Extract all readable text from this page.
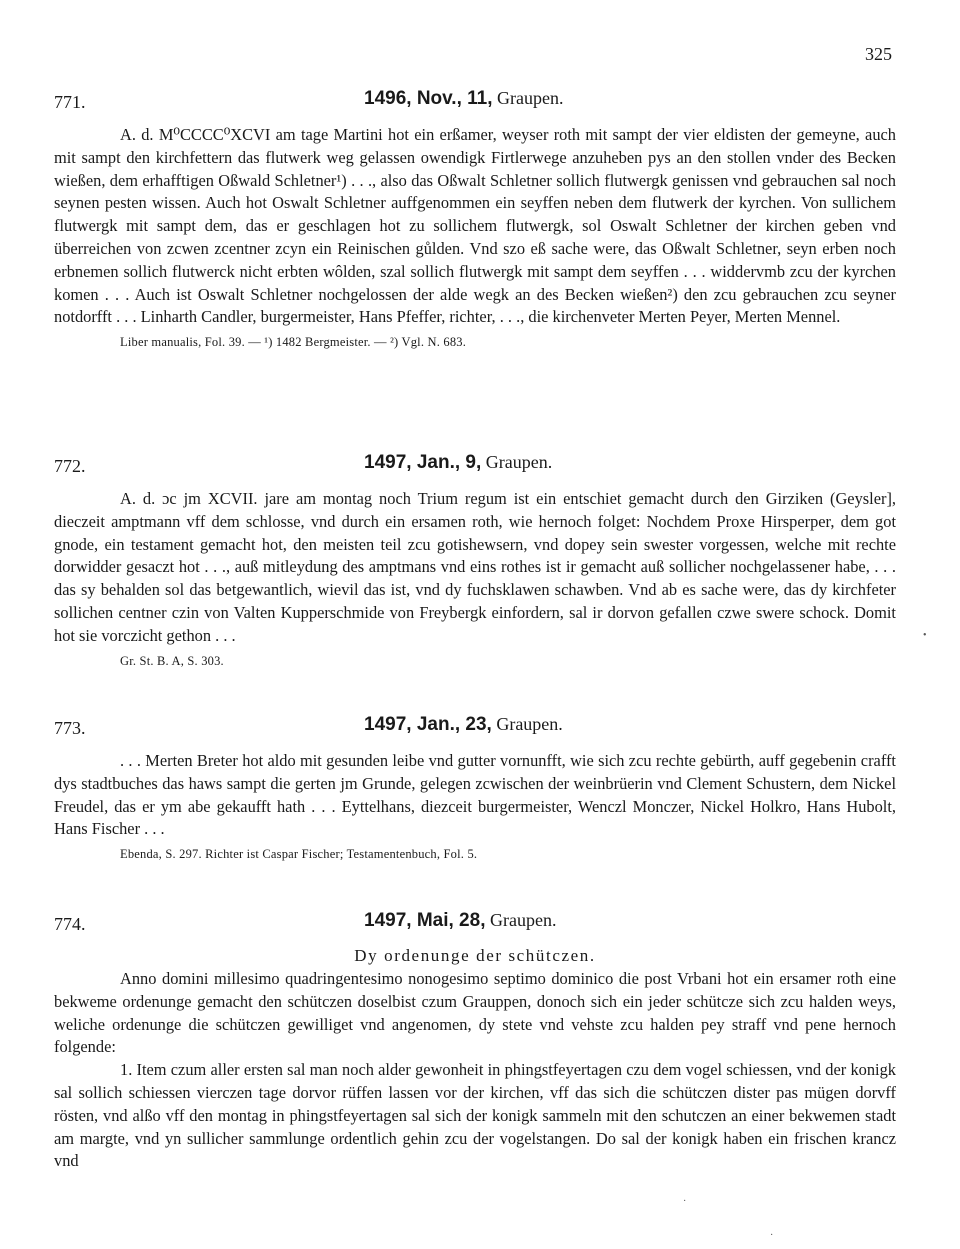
325
771.	1496, Nov., 11, Graupen.

A. d. M⁰CCCC⁰XCVI am tage Martini hot ein erßamer, weyser roth mit sampt der vier eldisten der gemeyne, auch mit sampt den kirchfettern das flutwerk weg gelassen owendigk Firtlerwege anzuheben pys an den stollen vnder des Becken wießen, dem erhafftigen Oßwald Schletner¹) . . ., also das Oßwalt Schletner sollich flutwergk genissen vnd gebrauchen sal noch seynen pesten wissen. Auch hot Oswalt Schletner auffgenommen ein seyffen neben dem flutwerk der kyrchen. Von sullichem flutwergk mit sampt dem, das er geschlagen hot zu sollichem flutwergk, sol Oswalt Schletner der kirchen geben vnd überreichen von zcwen zcentner zcyn ein Reinischen gůlden. Vnd szo eß sache were, das Oßwalt Schletner, seyn erben noch erbnemen sollich flutwerck nicht erbten wôlden, szal sollich flutwergk mit sampt dem seyffen . . . widdervmb zcu der kyrchen komen . . . Auch ist Oswalt Schletner nochgelossen der alde wegk an des Becken wießen²) den zcu gebrauchen zcu seyner notdorfft . . . Linharth Candler, burgermeister, Hans Pfeffer, richter, . . ., die kirchenveter Merten Peyer, Merten Mennel.

Liber manualis, Fol. 39. — ¹) 1482 Bergmeister. — ²) Vgl. N. 683.
772.	1497, Jan., 9, Graupen.

A. d. ɔc jm XCVII. jare am montag noch Trium regum ist ein entschiet gemacht durch den Girziken (Geysler], dieczeit amptmann vff dem schlosse, vnd durch ein ersamen roth, wie hernoch folget: Nochdem Proxe Hirsperper, dem got gnode, ein testament gemacht hot, den meisten teil zcu gotishewsern, vnd dopey sein swester vorgessen, welche mit rechte dorwidder gesaczt hot . . ., auß mitleydung des amptmans vnd eins rothes ist ir gemacht auß sollicher nochgelassener habe, . . . das sy behalden sol das betgewantlich, wievil das ist, vnd dy fuchsklawen schawben. Vnd ab es sache were, das dy kirchfeter sollichen centner czin von Valten Kupperschmide von Freybergk einfordern, sal ir dorvon gefallen czwe swere schock. Domit hot sie vorczicht gethon . . .

Gr. St. B. A, S. 303.
773.	1497, Jan., 23, Graupen.

. . . Merten Breter hot aldo mit gesunden leibe vnd gutter vornunfft, wie sich zcu rechte gebürth, auff gegebenin crafft dys stadtbuches das haws sampt die gerten jm Grunde, gelegen zcwischen der weinbrüerin vnd Clement Schustern, dem Nickel Freudel, das er ym abe gekaufft hath . . . Eyttelhans, diezceit burgermeister, Wenczl Monczer, Nickel Holkro, Hans Hubolt, Hans Fischer . . .

Ebenda, S. 297. Richter ist Caspar Fischer; Testamentenbuch, Fol. 5.
774.	1497, Mai, 28, Graupen.
Dy ordenunge der schütczen.

Anno domini millesimo quadringentesimo nonogesimo septimo dominico die post Vrbani hot ein ersamer roth eine bekweme ordenunge gemacht den schütczen doselbist czum Grauppen, donoch sich ein jeder schütcze sich zcu halden weys, weliche ordenunge die schütczen gewilliget vnd angenomen, dy stete vnd vehste zcu halden pey straff vnd pene hernoch folgende:

1. Item czum aller ersten sal man noch alder gewonheit in phingstfeyertagen czu dem vogel schiessen, vnd der konigk sal sollich schiessen vierczen tage dorvor rüffen lassen vor der kirchen, vff das sich die schütczen dister pas mügen dorvff rösten, vnd alßo vff den montag in phingstfeyertagen sal sich der konigk sammeln mit den schutczen an einer bekwemen stadt am margte, vnd yn sullicher sammlunge ordentlich gehin zcu der vogelstangen. Do sal der konigk haben ein frischen krancz vnd

•
·
·
